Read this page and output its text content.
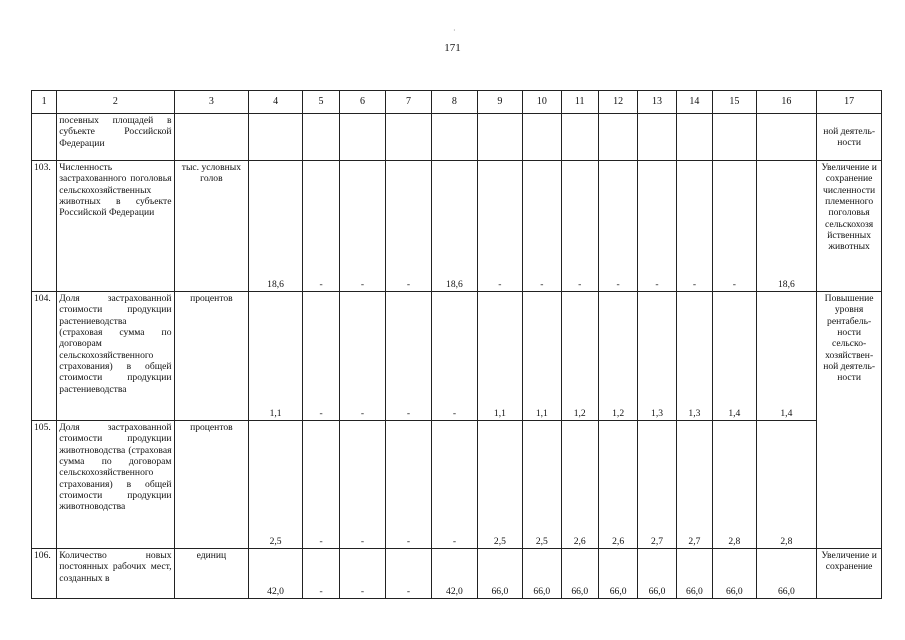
171
·
1	2	3	4	5	6	7	8	9	10	11	12	13	14	15	16	17
	посевных площадей в субъекте Российской Федерации															ной деятель-ности
103.	Численность застрахованного поголовья сельскохозяйственных животных в субъекте Российской Федерации	тыс. условных голов	18,6	-	-	-	18,6	-	-	-	-	-	-	-	18,6	Увеличение и сохранение численности племенного поголовья сельскохозя йственных животных
104.	Доля застрахованной стоимости продукции растениеводства (страховая сумма по договорам сельскохозяйственного страхования) в общей стоимости продукции растениеводства	процентов	1,1	-	-	-	-	1,1	1,1	1,2	1,2	1,3	1,3	1,4	1,4	Повышение уровня рентабель-ности сельско-хозяйствен-ной деятель-ности
105.	Доля застрахованной стоимости продукции животноводства (страховая сумма по договорам сельскохозяйственного страхования) в общей стоимости продукции животноводства	процентов	2,5	-	-	-	-	2,5	2,5	2,6	2,6	2,7	2,7	2,8	2,8	
106.	Количество новых постоянных рабочих мест, созданных в	единиц	42,0	-	-	-	42,0	66,0	66,0	66,0	66,0	66,0	66,0	66,0	66,0	Увеличение и сохранение
